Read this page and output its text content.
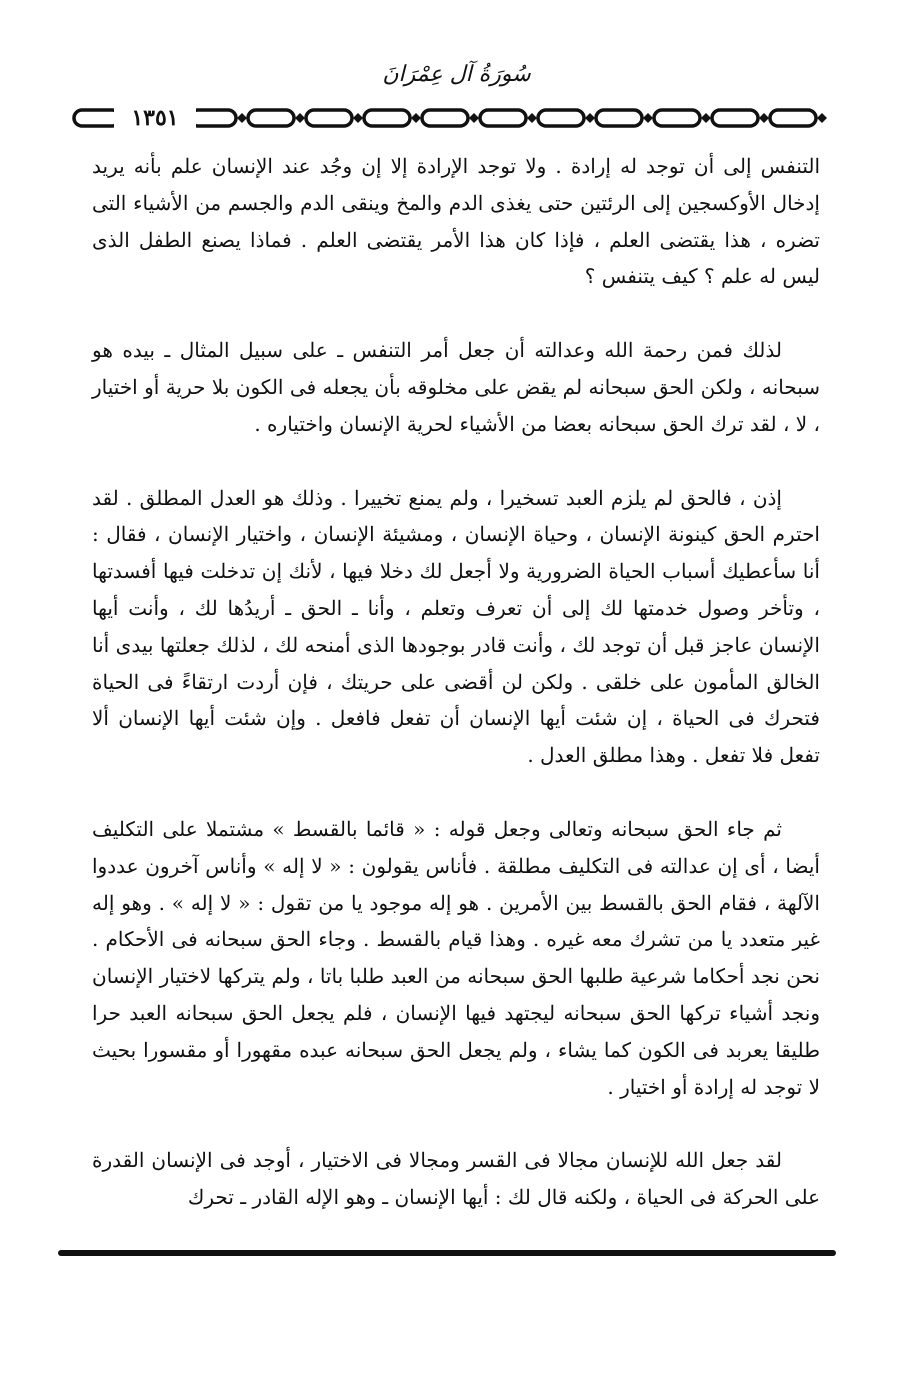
سُورَةُ آل عِمْرَانَ
١٣٥١

التنفس إلى أن توجد له إرادة . ولا توجد الإرادة إلا إن وجُد عند الإنسان علم بأنه يريد إدخال الأوكسجين إلى الرئتين حتى يغذى الدم والمخ وينقى الدم والجسم من الأشياء التى تضره ، هذا يقتضى العلم ، فإذا كان هذا الأمر يقتضى العلم . فماذا يصنع الطفل الذى ليس له علم ؟ كيف يتنفس ؟

لذلك فمن رحمة الله وعدالته أن جعل أمر التنفس ـ على سبيل المثال ـ بيده هو سبحانه ، ولكن الحق سبحانه لم يقض على مخلوقه بأن يجعله فى الكون بلا حرية أو اختيار ، لا ، لقد ترك الحق سبحانه بعضا من الأشياء لحرية الإنسان واختياره .

إذن ، فالحق لم يلزم العبد تسخيرا ، ولم يمنع تخييرا . وذلك هو العدل المطلق . لقد احترم الحق كينونة الإنسان ، وحياة الإنسان ، ومشيئة الإنسان ، واختيار الإنسان ، فقال : أنا سأعطيك أسباب الحياة الضرورية ولا أجعل لك دخلا فيها ، لأنك إن تدخلت فيها أفسدتها ، وتأخر وصول خدمتها لك إلى أن تعرف وتعلم ، وأنا ـ الحق ـ أريدُها لك ، وأنت أيها الإنسان عاجز قبل أن توجد لك ، وأنت قادر بوجودها الذى أمنحه لك ، لذلك جعلتها بيدى أنا الخالق المأمون على خلقى . ولكن لن أقضى على حريتك ، فإن أردت ارتقاءً فى الحياة فتحرك فى الحياة ، إن شئت أيها الإنسان أن تفعل فافعل . وإن شئت أيها الإنسان ألا تفعل فلا تفعل . وهذا مطلق العدل .

ثم جاء الحق سبحانه وتعالى وجعل قوله : « قائما بالقسط » مشتملا على التكليف أيضا ، أى إن عدالته فى التكليف مطلقة . فأناس يقولون : « لا إله » وأناس آخرون عددوا الآلهة ، فقام الحق بالقسط بين الأمرين . هو إله موجود يا من تقول : « لا إله » . وهو إله غير متعدد يا من تشرك معه غيره . وهذا قيام بالقسط . وجاء الحق سبحانه فى الأحكام . نحن نجد أحكاما شرعية طلبها الحق سبحانه من العبد طلبا باتا ، ولم يتركها لاختيار الإنسان ونجد أشياء تركها الحق سبحانه ليجتهد فيها الإنسان ، فلم يجعل الحق سبحانه العبد حرا طليقا يعربد فى الكون كما يشاء ، ولم يجعل الحق سبحانه عبده مقهورا أو مقسورا بحيث لا توجد له إرادة أو اختيار .

لقد جعل الله للإنسان مجالا فى القسر ومجالا فى الاختيار ، أوجد فى الإنسان القدرة على الحركة فى الحياة ، ولكنه قال لك : أيها الإنسان ـ وهو الإله القادر ـ تحرك
